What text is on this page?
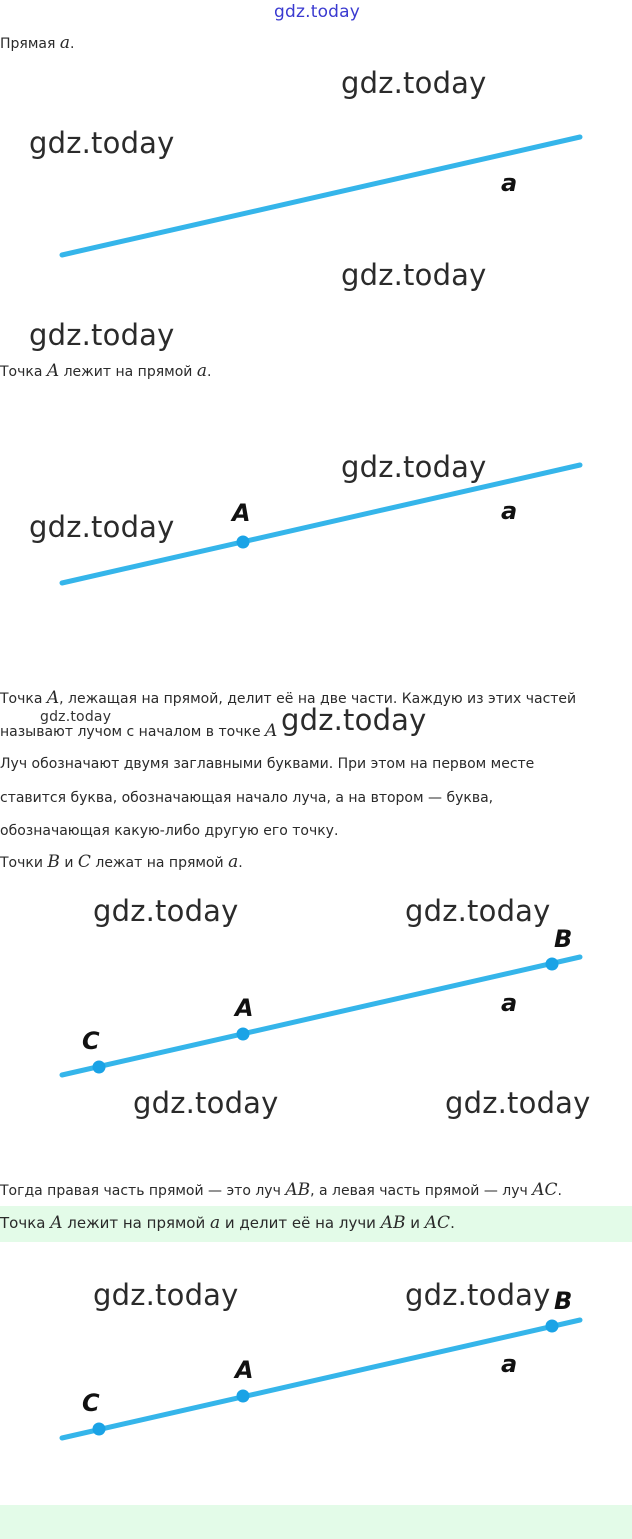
gdz.today
Прямая a.
a
gdz.today
gdz.today
gdz.today
gdz.today
Точка A лежит на прямой a.
A	a
gdz.today
gdz.today
Точка A, лежащая на прямой, делит её на две части. Каждую из этих частей
называют лучом с началом в точке A
gdz.today	gdz.today
Луч обозначают двумя заглавными буквами. При этом на первом месте
ставится буква, обозначающая начало луча, а на втором — буква,
обозначающая какую-либо другую его точку.
Точки B и C лежат на прямой a.
C
A
B
a
gdz.today	gdz.today
gdz.today	gdz.today
Тогда правая часть прямой — это луч AB, а левая часть прямой — луч AC.
Точка A лежит на прямой a и делит её на лучи AB и AC.
C
A
B
a
gdz.today	gdz.today
